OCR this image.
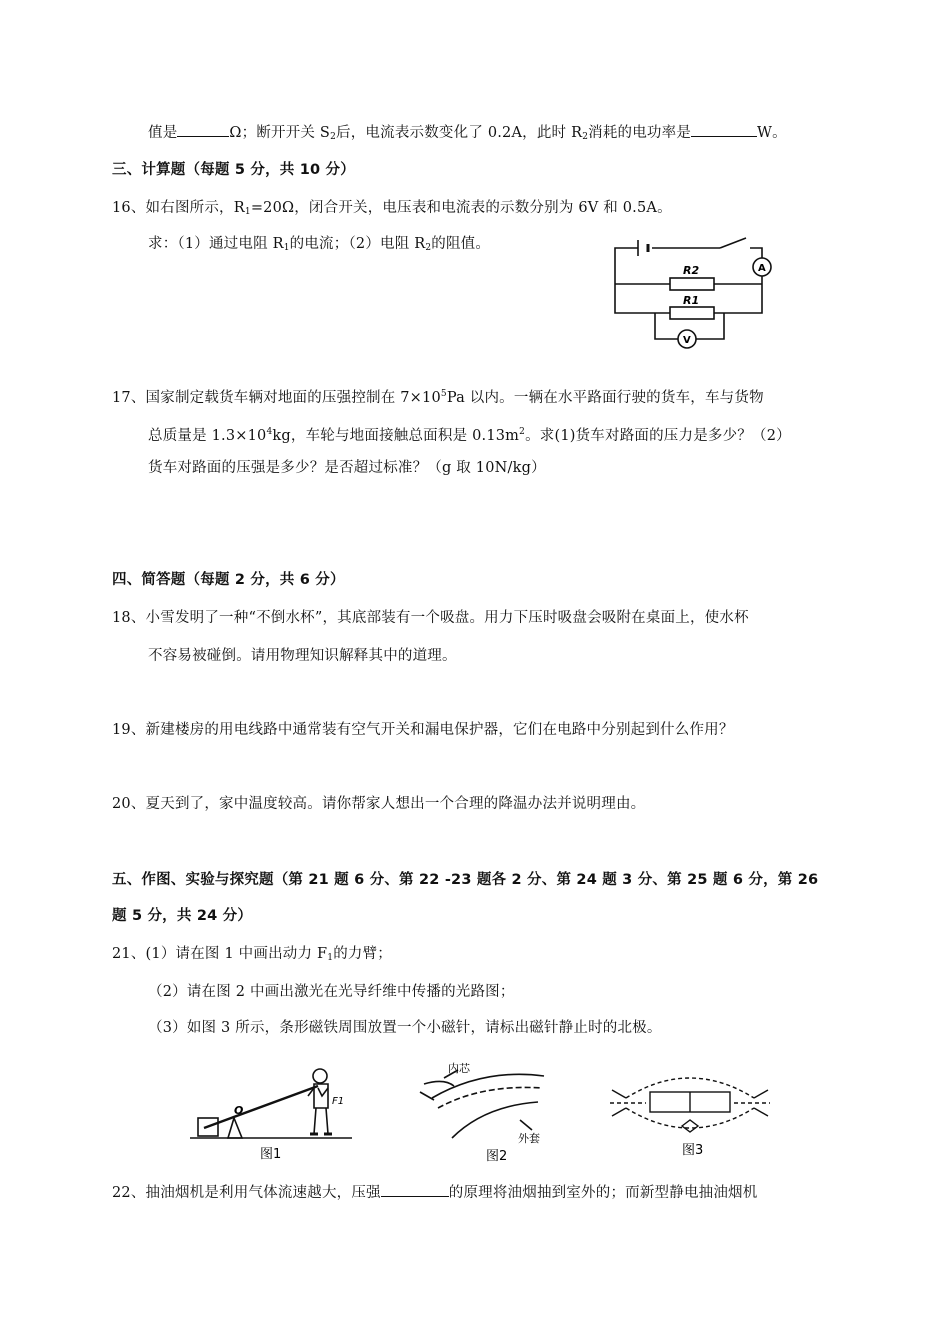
值是	Ω；断开开关 $S_2$后，电流表示数变化了 0.2A，此时 $R_2$消耗的电功率是	W。
三、计算题（每题 5 分，共 10 分）
16、如右图所示，$R_1=20\Omega$，闭合开关，电压表和电流表的示数分别为 6V 和 0.5A。
求：（1）通过电阻 $R_1$的电流；（2）电阻 $R_2$的阻值。
R2
R1
A
V
17、国家制定载货车辆对地面的压强控制在 $7\times 10^5Pa$ 以内。一辆在水平路面行驶的货车，车与货物
总质量是 $1.3\times 10^4kg$，车轮与地面接触总面积是 $0.13m^2$。求(1)货车对路面的压力是多少？（2）
货车对路面的压强是多少？是否超过标准？（g 取 10N/kg）
四、简答题（每题 2 分，共 6 分）
18、小雪发明了一种“不倒水杯”，其底部装有一个吸盘。用力下压时吸盘会吸附在桌面上，使水杯
不容易被碰倒。请用物理知识解释其中的道理。
19、新建楼房的用电线路中通常装有空气开关和漏电保护器，它们在电路中分别起到什么作用？
20、夏天到了，家中温度较高。请你帮家人想出一个合理的降温办法并说明理由。
五、作图、实验与探究题（第 21 题 6 分、第 22 -23 题各 2 分、第 24 题 3 分、第 25 题 6 分，第 26
题 5 分，共 24 分）
21、(1）请在图 1 中画出动力 $F_1$的力臂；
（2）请在图 2 中画出激光在光导纤维中传播的光路图；
（3）如图 3 所示，条形磁铁周围放置一个小磁针，请标出磁针静止时的北极。
O
F1
图1
内芯
外套
图2	图3
22、抽油烟机是利用气体流速越大，压强	的原理将油烟抽到室外的；而新型静电抽油烟机
